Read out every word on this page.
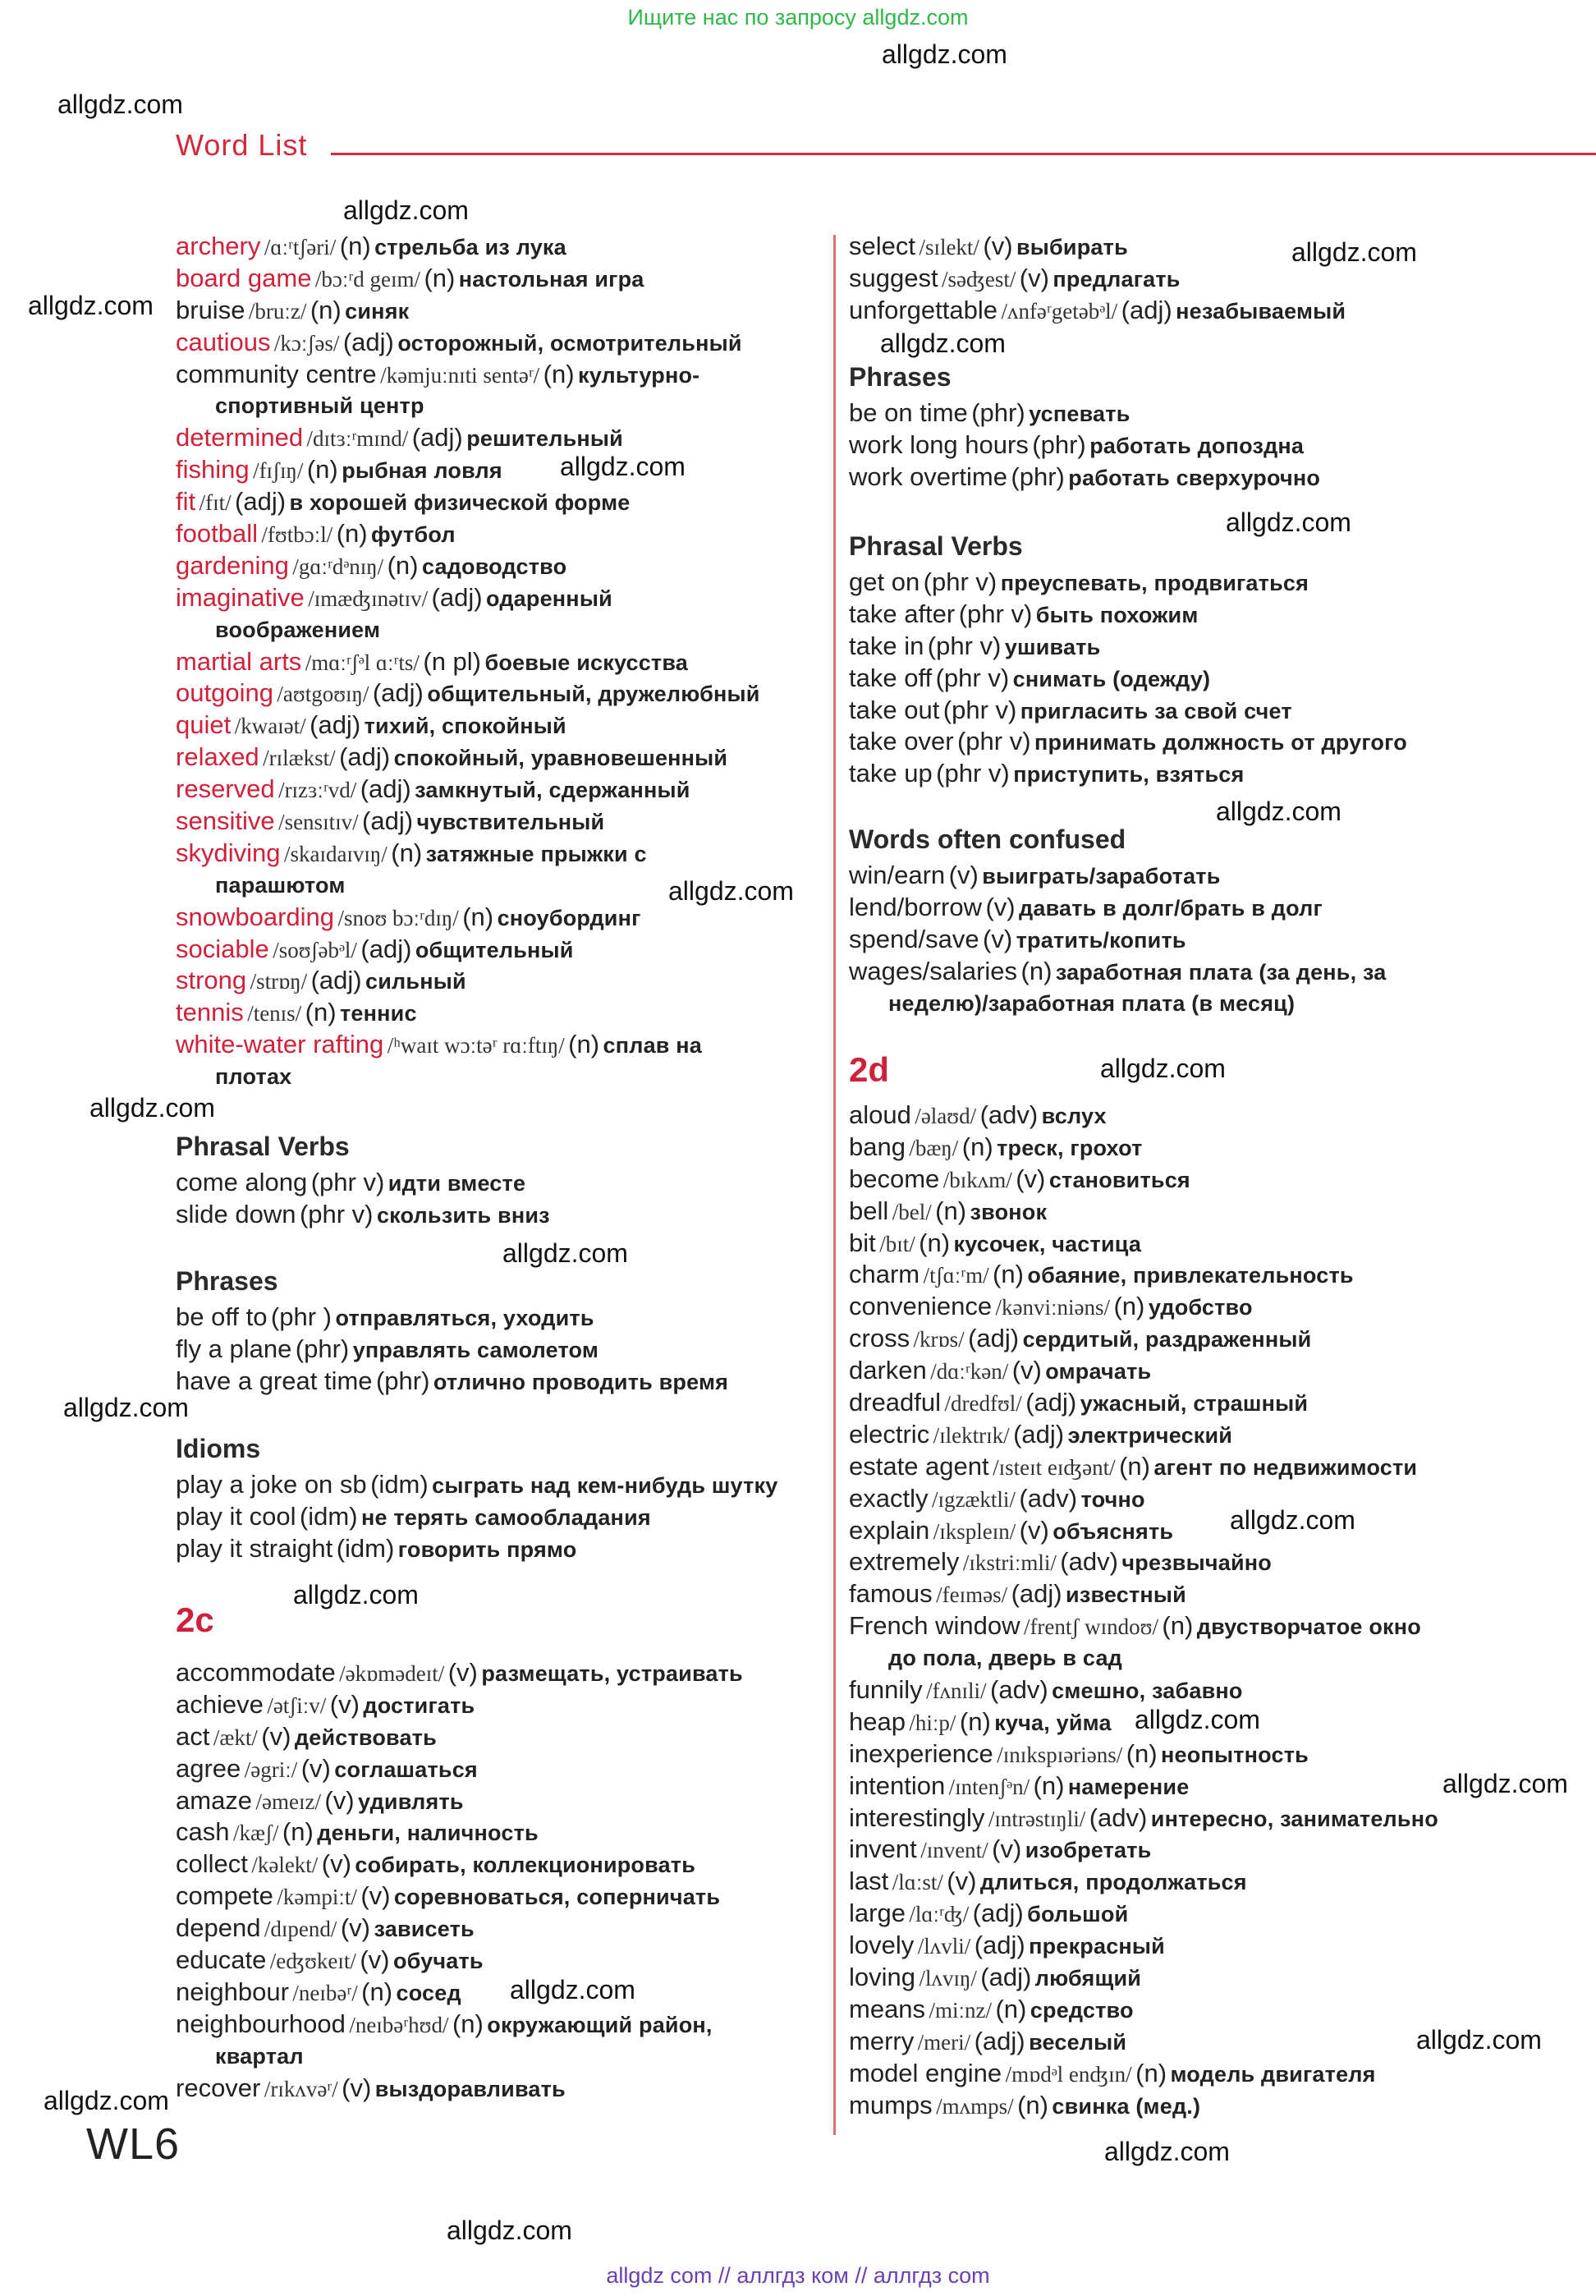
Ищите нас по запросу allgdz.com
Word List
WL6
allgdz com // аллгдз ком // аллгдз com
archery /ɑːʳtʃəri/ (n) стрельба из лука
board game /bɔːʳd geɪm/ (n) настольная игра
bruise /bruːz/ (n) синяк
cautious /kɔːʃəs/ (adj) осторожный, осмотрительный
community centre /kəmjuːnɪti sentəʳ/ (n) культурно-
спортивный центр
determined /dɪtɜːʳmɪnd/ (adj) решительный
fishing /fɪʃɪŋ/ (n) рыбная ловля
fit /fɪt/ (adj) в хорошей физической форме
football /fʊtbɔːl/ (n) футбол
gardening /gɑːʳdᵊnɪŋ/ (n) садоводство
imaginative /ɪmæʤɪnətɪv/ (adj) одаренный
воображением
martial arts /mɑːʳʃᵊl ɑːʳts/ (n pl) боевые искусства
outgoing /aʊtgoʊɪŋ/ (adj) общительный, дружелюбный
quiet /kwaɪət/ (adj) тихий, спокойный
relaxed /rɪlækst/ (adj) спокойный, уравновешенный
reserved /rɪzɜːʳvd/ (adj) замкнутый, сдержанный
sensitive /sensɪtɪv/ (adj) чувствительный
skydiving /skaɪdaɪvɪŋ/ (n) затяжные прыжки с
парашютом
snowboarding /snoʊ bɔːʳdɪŋ/ (n) сноубординг
sociable /soʊʃəbᵊl/ (adj) общительный
strong /strɒŋ/ (adj) сильный
tennis /tenɪs/ (n) теннис
white-water rafting /ʰwaɪt wɔːtəʳ rɑːftɪŋ/ (n) сплав на
плотах
Phrasal Verbs
come along (phr v) идти вместе
slide down (phr v) скользить вниз
Phrases
be off to (phr ) отправляться, уходить
fly a plane (phr) управлять самолетом
have a great time (phr) отлично проводить время
Idioms
play a joke on sb (idm) сыграть над кем-нибудь шутку
play it cool (idm) не терять самообладания
play it straight (idm) говорить прямо
2c
accommodate /əkɒmədeɪt/ (v) размещать, устраивать
achieve /ətʃiːv/ (v) достигать
act /ækt/ (v) действовать
agree /əgriː/ (v) соглашаться
amaze /əmeɪz/ (v) удивлять
cash /kæʃ/ (n) деньги, наличность
collect /kəlekt/ (v) собирать, коллекционировать
compete /kəmpiːt/ (v) соревноваться, соперничать
depend /dɪpend/ (v) зависеть
educate /eʤʊkeɪt/ (v) обучать
neighbour /neɪbəʳ/ (n) сосед
neighbourhood /neɪbəʳhʊd/ (n) окружающий район,
квартал
recover /rɪkʌvəʳ/ (v) выздоравливать
select /sɪlekt/ (v) выбирать
suggest /səʤest/ (v) предлагать
unforgettable /ʌnfəʳgetəbᵊl/ (adj) незабываемый
Phrases
be on time (phr) успевать
work long hours (phr) работать допоздна
work overtime (phr) работать сверхурочно
Phrasal Verbs
get on (phr v) преуспевать, продвигаться
take after (phr v) быть похожим
take in (phr v) ушивать
take off (phr v) снимать (одежду)
take out (phr v) пригласить за свой счет
take over (phr v) принимать должность от другого
take up (phr v) приступить, взяться
Words often confused
win/earn (v) выиграть/заработать
lend/borrow (v) давать в долг/брать в долг
spend/save (v) тратить/копить
wages/salaries (n) заработная плата (за день, за
неделю)/заработная плата (в месяц)
2d
aloud /əlaʊd/ (adv) вслух
bang /bæŋ/ (n) треск, грохот
become /bɪkʌm/ (v) становиться
bell /bel/ (n) звонок
bit /bɪt/ (n) кусочек, частица
charm /tʃɑːʳm/ (n) обаяние, привлекательность
convenience /kənviːniəns/ (n) удобство
cross /krɒs/ (adj) сердитый, раздраженный
darken /dɑːʳkən/ (v) омрачать
dreadful /dredfʊl/ (adj) ужасный, страшный
electric /ɪlektrɪk/ (adj) электрический
estate agent /ɪsteɪt eɪʤənt/ (n) агент по недвижимости
exactly /ɪgzæktli/ (adv) точно
explain /ɪkspleɪn/ (v) объяснять
extremely /ɪkstriːmli/ (adv) чрезвычайно
famous /feɪməs/ (adj) известный
French window /frentʃ wɪndoʊ/ (n) двустворчатое окно
до пола, дверь в сад
funnily /fʌnɪli/ (adv) смешно, забавно
heap /hiːp/ (n) куча, уйма
inexperience /ɪnɪkspɪəriəns/ (n) неопытность
intention /ɪntenʃᵊn/ (n) намерение
interestingly /ɪntrəstɪŋli/ (adv) интересно, занимательно
invent /ɪnvent/ (v) изобретать
last /lɑːst/ (v) длиться, продолжаться
large /lɑːʳʤ/ (adj) большой
lovely /lʌvli/ (adj) прекрасный
loving /lʌvɪŋ/ (adj) любящий
means /miːnz/ (n) средство
merry /meri/ (adj) веселый
model engine /mɒdᵊl enʤɪn/ (n) модель двигателя
mumps /mʌmps/ (n) свинка (мед.)
allgdz.com
allgdz.com
allgdz.com
allgdz.com
allgdz.com
allgdz.com
allgdz.com
allgdz.com
allgdz.com
allgdz.com
allgdz.com
allgdz.com
allgdz.com
allgdz.com
allgdz.com
allgdz.com
allgdz.com
allgdz.com
allgdz.com
allgdz.com
allgdz.com
allgdz.com
allgdz.com
